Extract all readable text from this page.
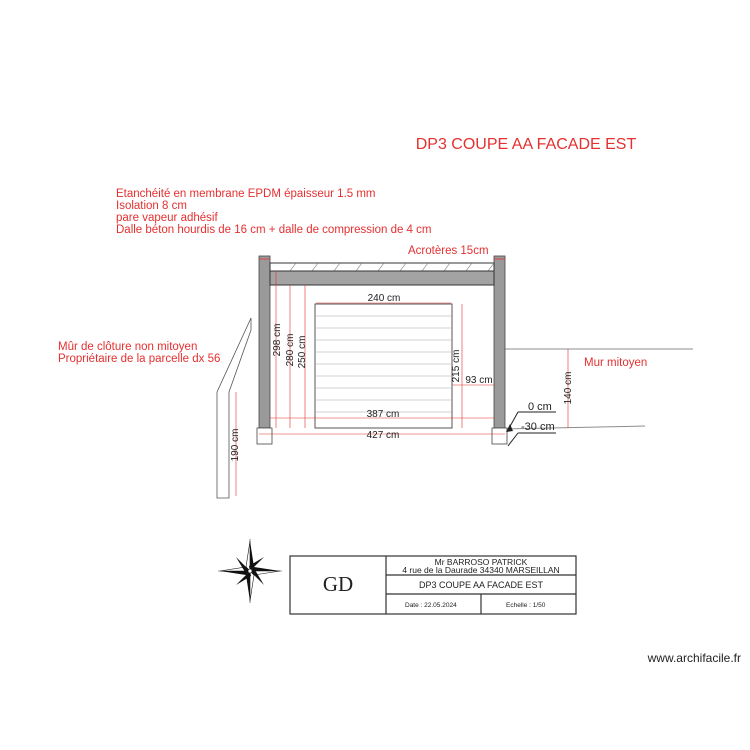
DP3 COUPE AA FACADE EST
Etanchéité en membrane EPDM épaisseur 1.5 mm
Isolation 8 cm
pare vapeur adhésif
Dalle béton hourdis de 16 cm + dalle de compression de 4 cm
Acrotères 15cm
298 cm 280 cm 250 cm
240 cm
215 cm 93 cm
387 cm
427 cm
190 cm
Mûr de clôture non mitoyen
Propriétaire de la parcelle dx 56
140 cm
Mur mitoyen
0 cm
-30 cm
GD
Mr BARROSO PATRICK
4 rue de la Daurade 34340 MARSEILLAN
DP3 COUPE AA FACADE EST
Date : 22.05.2024	Echelle : 1/50
www.archifacile.fr
